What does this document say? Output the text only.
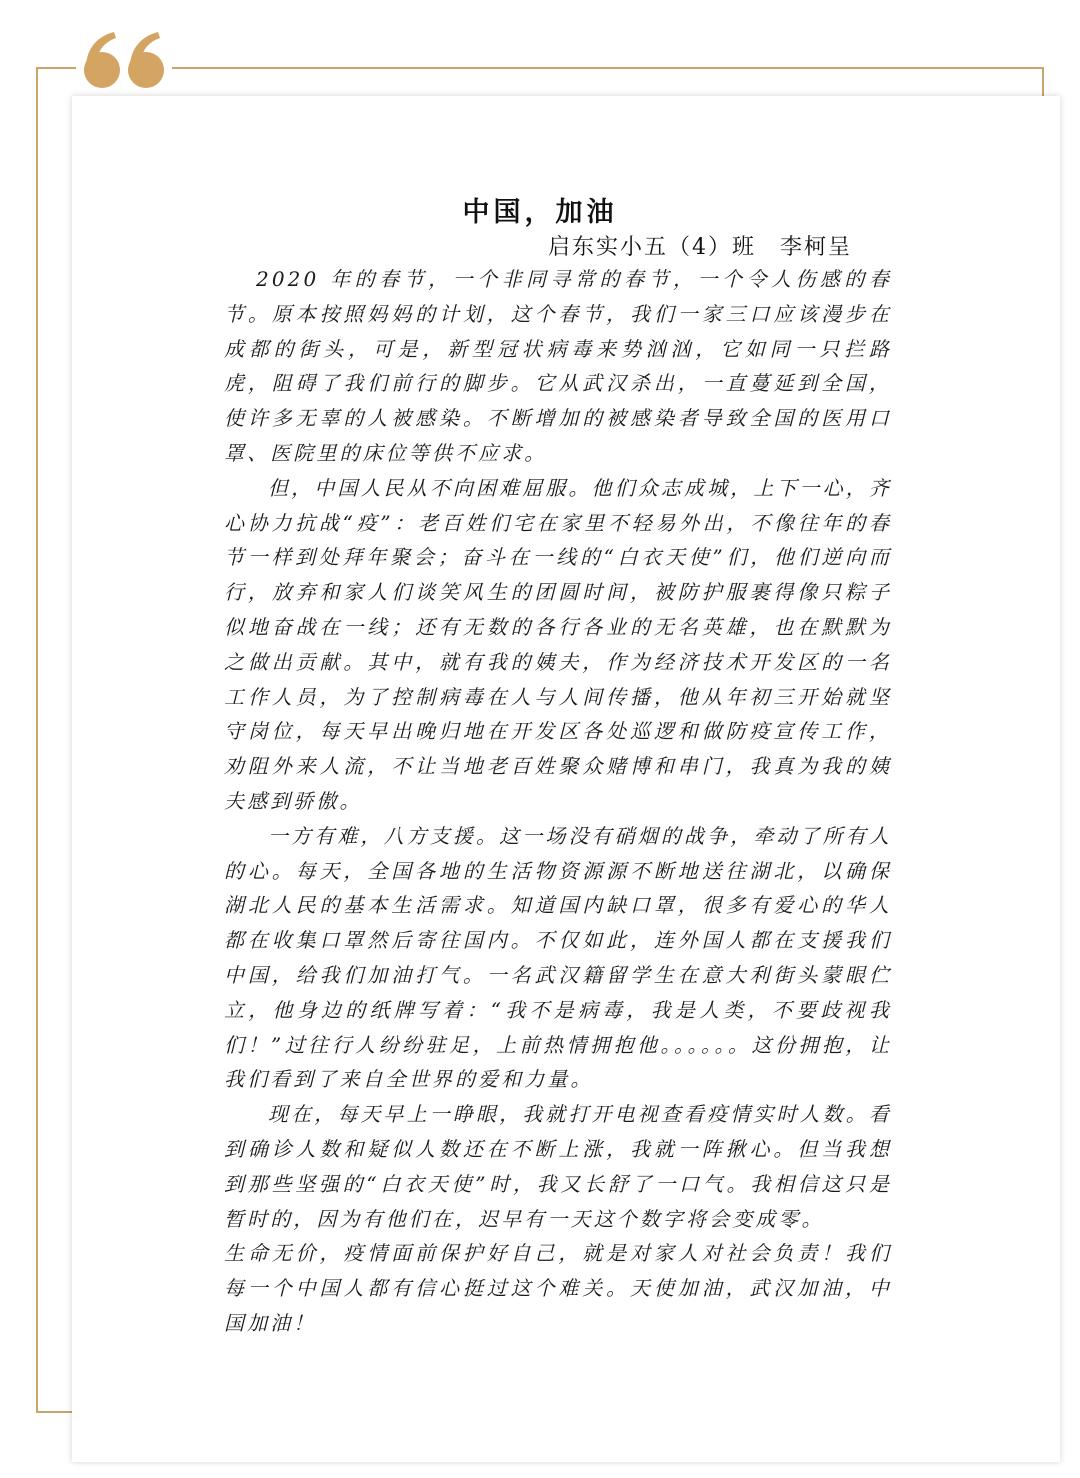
中国，加油
启东实小五（4）班 李柯呈

2020 年的春节，一个非同寻常的春节，一个令人伤感的春节。原本按照妈妈的计划，这个春节，我们一家三口应该漫步在成都的街头，可是，新型冠状病毒来势汹汹，它如同一只拦路虎，阻碍了我们前行的脚步。它从武汉杀出，一直蔓延到全国，使许多无辜的人被感染。不断增加的被感染者导致全国的医用口罩、医院里的床位等供不应求。

但，中国人民从不向困难屈服。他们众志成城，上下一心，齐心协力抗战“疫”：老百姓们宅在家里不轻易外出，不像往年的春节一样到处拜年聚会；奋斗在一线的“白衣天使”们，他们逆向而行，放弃和家人们谈笑风生的团圆时间，被防护服裹得像只粽子似地奋战在一线；还有无数的各行各业的无名英雄，也在默默为之做出贡献。其中，就有我的姨夫，作为经济技术开发区的一名工作人员，为了控制病毒在人与人间传播，他从年初三开始就坚守岗位，每天早出晚归地在开发区各处巡逻和做防疫宣传工作，劝阻外来人流，不让当地老百姓聚众赌博和串门，我真为我的姨夫感到骄傲。

一方有难，八方支援。这一场没有硝烟的战争，牵动了所有人的心。每天，全国各地的生活物资源源不断地送往湖北，以确保湖北人民的基本生活需求。知道国内缺口罩，很多有爱心的华人都在收集口罩然后寄往国内。不仅如此，连外国人都在支援我们中国，给我们加油打气。一名武汉籍留学生在意大利街头蒙眼伫立，他身边的纸牌写着：“我不是病毒，我是人类，不要歧视我们！”过往行人纷纷驻足，上前热情拥抱他。。。。。。这份拥抱，让我们看到了来自全世界的爱和力量。

现在，每天早上一睁眼，我就打开电视查看疫情实时人数。看到确诊人数和疑似人数还在不断上涨，我就一阵揪心。但当我想到那些坚强的“白衣天使”时，我又长舒了一口气。我相信这只是暂时的，因为有他们在，迟早有一天这个数字将会变成零。

生命无价，疫情面前保护好自己，就是对家人对社会负责！我们每一个中国人都有信心挺过这个难关。天使加油，武汉加油，中国加油！
